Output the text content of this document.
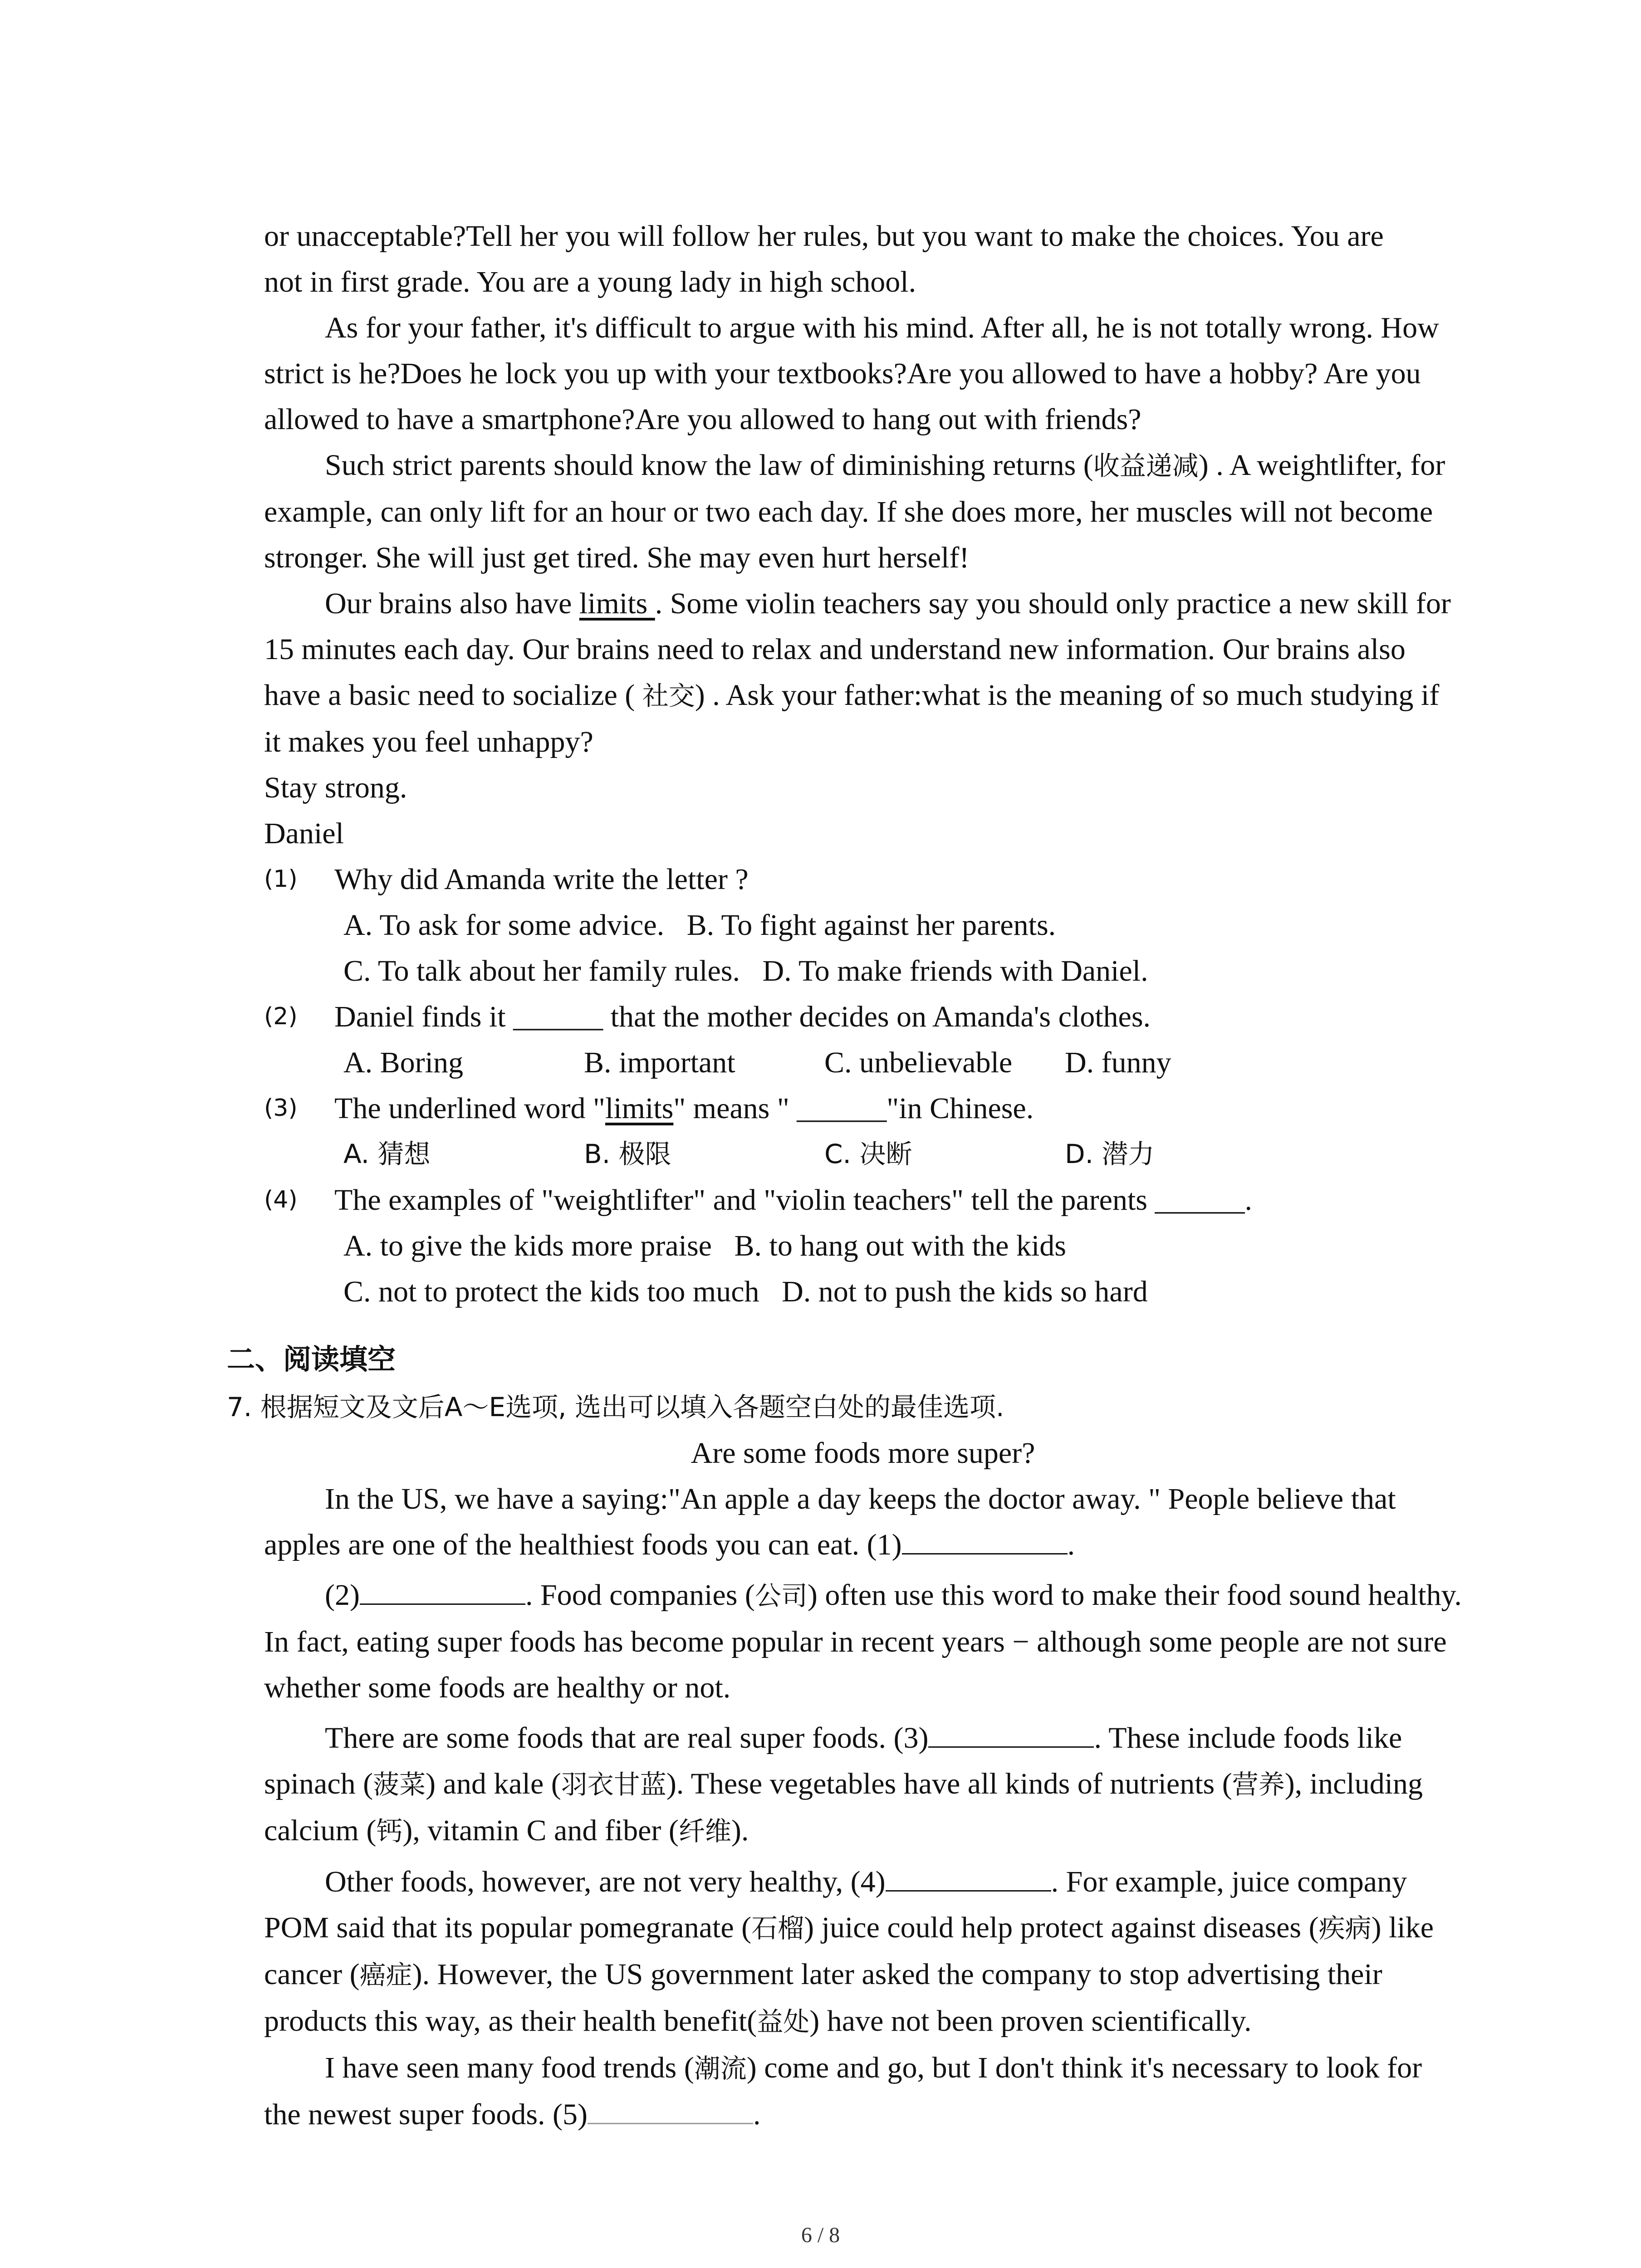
or unacceptable?Tell her you will follow her rules, but you want to make the choices. You are

not in first grade. You are a young lady in high school.

As for your father, it's difficult to argue with his mind. After all, he is not totally wrong. How strict is he?Does he lock you up with your textbooks?Are you allowed to have a hobby? Are you allowed to have a smartphone?Are you allowed to hang out with friends?

Such strict parents should know the law of diminishing returns (收益递减) . A weightlifter, for example, can only lift for an hour or two each day. If she does more, her muscles will not become stronger. She will just get tired. She may even hurt herself!

Our brains also have limits . Some violin teachers say you should only practice a new skill for 15 minutes each day. Our brains need to relax and understand new information. Our brains also have a basic need to socialize ( 社交) . Ask your father:what is the meaning of so much studying if it makes you feel unhappy?

Stay strong.

Daniel

(1)	Why did Amanda write the letter ?
A. To ask for some advice. B. To fight against her parents.
C. To talk about her family rules. D. To make friends with Daniel.
(2)	Daniel finds it ______ that the mother decides on Amanda's clothes.
A. Boring	B. important	C. unbelievable	D. funny
(3)	The underlined word "limits" means " ______"in Chinese.
A. 猜想	B. 极限	C. 决断	D. 潜力
(4)	The examples of "weightlifter" and "violin teachers" tell the parents ______.
A. to give the kids more praise B. to hang out with the kids
C. not to protect the kids too much D. not to push the kids so hard
二、阅读填空
7. 根据短文及文后A～E选项, 选出可以填入各题空白处的最佳选项.
Are some foods more super?

In the US, we have a saying:"An apple a day keeps the doctor away. " People believe that apples are one of the healthiest foods you can eat. (1)	.

(2)	. Food companies (公司) often use this word to make their food sound healthy. In fact, eating super foods has become popular in recent years − although some people are not sure whether some foods are healthy or not.

There are some foods that are real super foods. (3)	. These include foods like spinach (菠菜) and kale (羽衣甘蓝). These vegetables have all kinds of nutrients (营养), including calcium (钙), vitamin C and fiber (纤维).

Other foods, however, are not very healthy, (4)	. For example, juice company POM said that its popular pomegranate (石榴) juice could help protect against diseases (疾病) like cancer (癌症). However, the US government later asked the company to stop advertising their products this way, as their health benefit(益处) have not been proven scientifically.

I have seen many food trends (潮流) come and go, but I don't think it's necessary to look for the newest super foods. (5)	.

6 / 8
